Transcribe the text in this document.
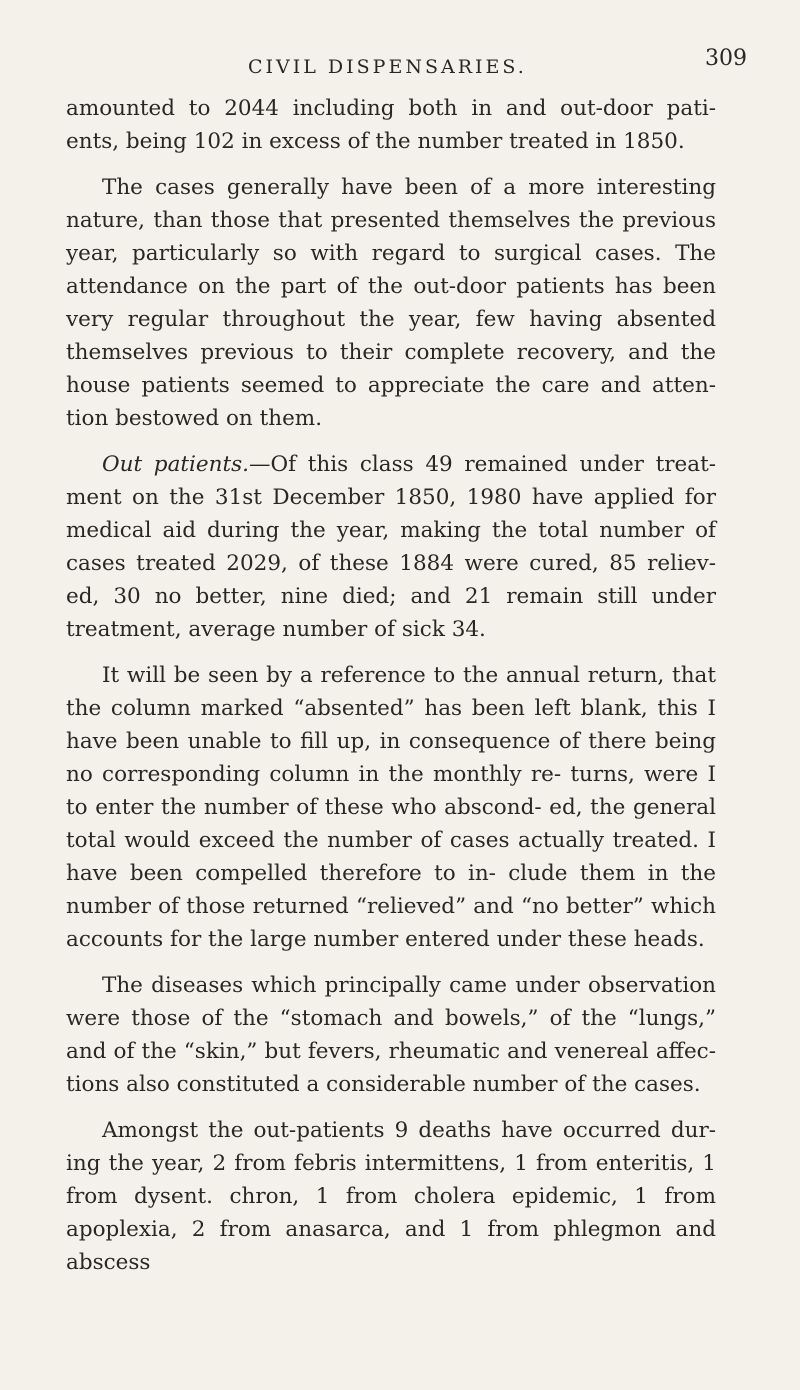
CIVIL DISPENSARIES.	309

amounted to 2044 including both in and out-door pati- ents, being 102 in excess of the number treated in 1850.

The cases generally have been of a more interesting nature, than those that presented themselves the previous year, particularly so with regard to surgical cases. The attendance on the part of the out-door patients has been very regular throughout the year, few having absented themselves previous to their complete recovery, and the house patients seemed to appreciate the care and atten- tion bestowed on them.

Out patients.—Of this class 49 remained under treat- ment on the 31st December 1850, 1980 have applied for medical aid during the year, making the total number of cases treated 2029, of these 1884 were cured, 85 reliev- ed, 30 no better, nine died; and 21 remain still under treatment, average number of sick 34.

It will be seen by a reference to the annual return, that the column marked “absented” has been left blank, this I have been unable to fill up, in consequence of there being no corresponding column in the monthly re- turns, were I to enter the number of these who abscond- ed, the general total would exceed the number of cases actually treated. I have been compelled therefore to in- clude them in the number of those returned “relieved” and “no better” which accounts for the large number entered under these heads.

The diseases which principally came under observation were those of the “stomach and bowels,” of the “lungs,” and of the “skin,” but fevers, rheumatic and venereal affec- tions also constituted a considerable number of the cases.

Amongst the out-patients 9 deaths have occurred dur- ing the year, 2 from febris intermittens, 1 from enteritis, 1 from dysent. chron, 1 from cholera epidemic, 1 from apoplexia, 2 from anasarca, and 1 from phlegmon and abscess
